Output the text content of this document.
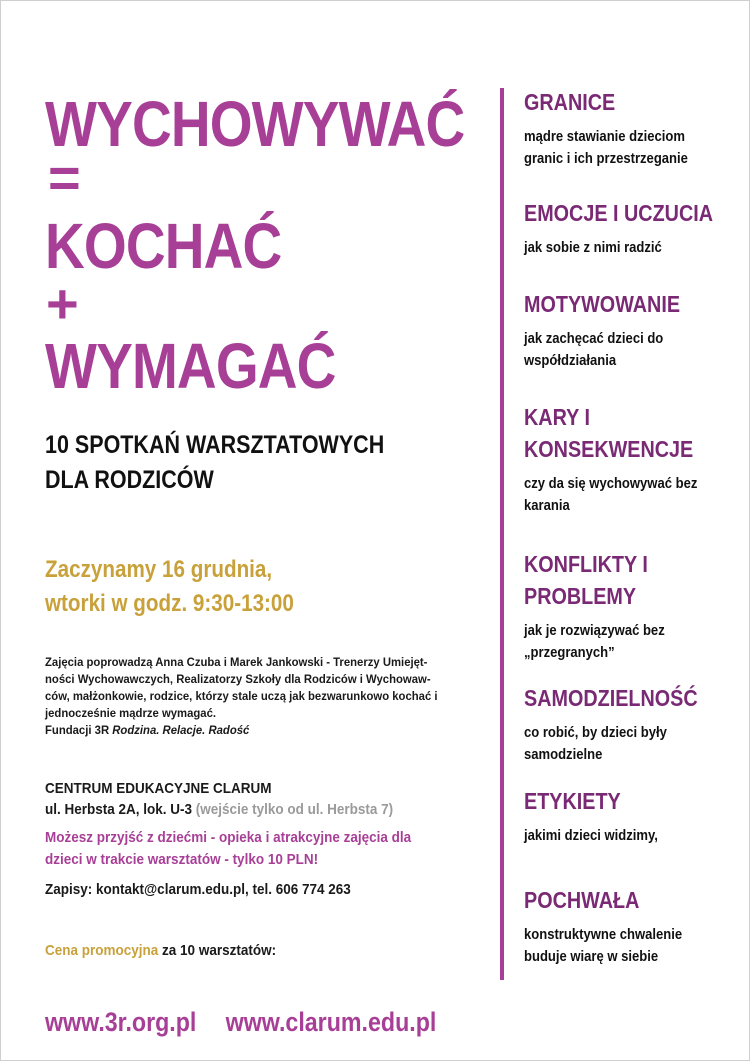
WYCHOWYWAĆ
=
KOCHAĆ
+
WYMAGAĆ
10 SPOTKAŃ WARSZTATOWYCH
DLA RODZICÓW
Zaczynamy 16 grudnia,
wtorki w godz. 9:30-13:00
Zajęcia poprowadzą Anna Czuba i Marek Jankowski - Trenerzy Umiejęt-
ności Wychowawczych, Realizatorzy Szkoły dla Rodziców i Wychowaw-
ców, małżonkowie, rodzice, którzy stale uczą jak bezwarunkowo kochać i
jednocześnie mądrze wymagać.
Fundacji 3R Rodzina. Relacje. Radość
CENTRUM EDUKACYJNE CLARUM
ul. Herbsta 2A, lok. U-3 (wejście tylko od ul. Herbsta 7)
Możesz przyjść z dziećmi - opieka i atrakcyjne zajęcia dla
dzieci w trakcie warsztatów - tylko 10 PLN!
Zapisy: kontakt@clarum.edu.pl, tel. 606 774 263
Cena promocyjna za 10 warsztatów:
www.3r.org.pl www.clarum.edu.pl
GRANICE
mądre stawianie dzieciom
granic i ich przestrzeganie
EMOCJE I UCZUCIA
jak sobie z nimi radzić
MOTYWOWANIE
jak zachęcać dzieci do
współdziałania
KARY I
KONSEKWENCJE
czy da się wychowywać bez
karania
KONFLIKTY I
PROBLEMY
jak je rozwiązywać bez
„przegranych”
SAMODZIELNOŚĆ
co robić, by dzieci były
samodzielne
ETYKIETY
jakimi dzieci widzimy,
POCHWAŁA
konstruktywne chwalenie
buduje wiarę w siebie
